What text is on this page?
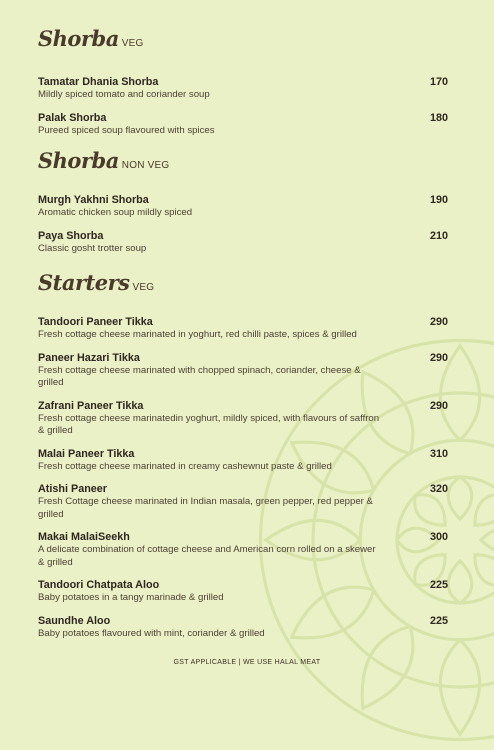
Shorba VEG
Tamatar Dhania Shorba	170
Mildly spiced tomato and coriander soup
Palak Shorba	180
Pureed spiced soup flavoured with spices
Shorba NON VEG
Murgh Yakhni Shorba	190
Aromatic chicken soup mildly spiced
Paya Shorba	210
Classic gosht trotter soup
Starters VEG
Tandoori Paneer Tikka	290
Fresh cottage cheese marinated in yoghurt, red chilli paste, spices & grilled
Paneer Hazari Tikka	290
Fresh cottage cheese marinated with chopped spinach, coriander, cheese & grilled
Zafrani Paneer Tikka	290
Fresh cottage cheese marinatedin yoghurt, mildly spiced, with flavours of saffron & grilled
Malai Paneer Tikka	310
Fresh cottage cheese marinated in creamy cashewnut paste & grilled
Atishi Paneer	320
Fresh Cottage cheese marinated in Indian masala, green pepper, red pepper & grilled
Makai MalaiSeekh	300
A delicate combination of cottage cheese and American corn rolled on a skewer & grilled
Tandoori Chatpata Aloo	225
Baby potatoes in a tangy marinade & grilled
Saundhe Aloo	225
Baby potatoes flavoured with mint, coriander & grilled
GST APPLICABLE | WE USE HALAL MEAT
